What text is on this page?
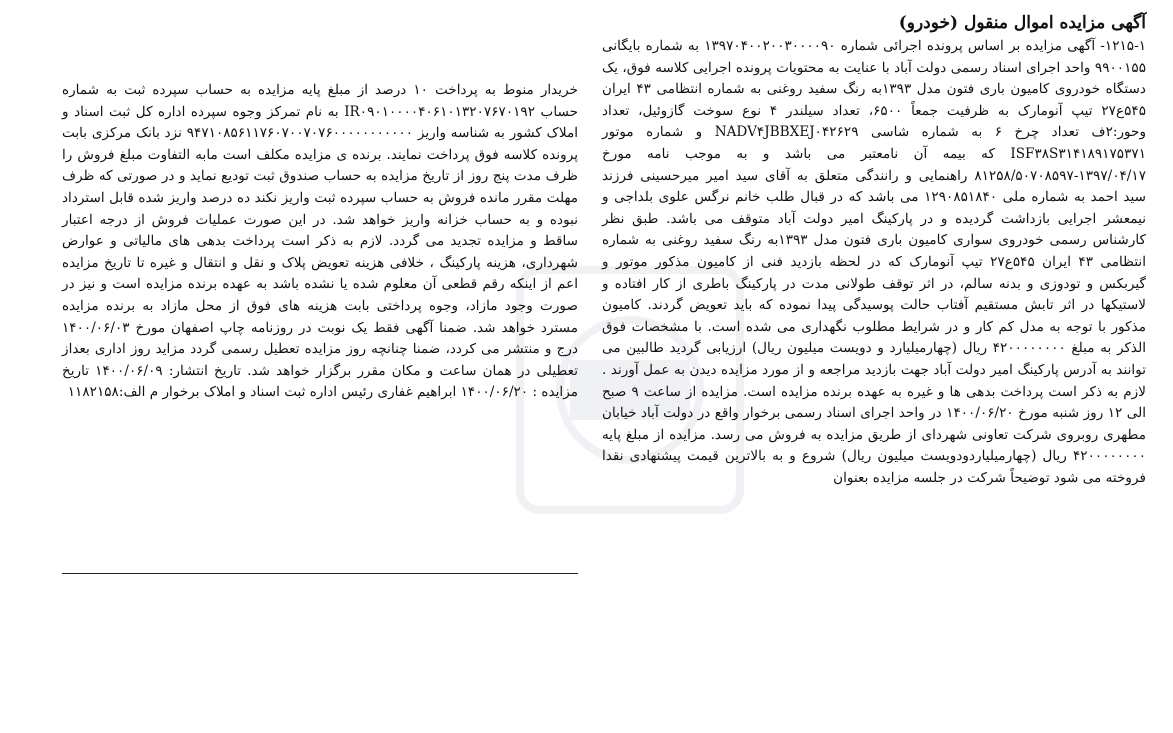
آگهی مزایده اموال منقول (خودرو)

۱۲۱۵-۱- آگهی مزایده بر اساس پرونده اجرائی شماره ۱۳۹۷۰۴۰۰۲۰۰۳۰۰۰۰۹۰ به شماره بایگانی ۹۹۰۰۱۵۵ واحد اجرای اسناد رسمی دولت آباد با عنایت به محتویات پرونده اجرایی کلاسه فوق، یک دستگاه خودروی کامیون باری فتون مدل ۱۳۹۳به رنگ سفید روغنی به شماره انتظامی ۴۳ ایران ۵۴۵ع۲۷ تیپ آنومارک به ظرفیت جمعاً ۶۵۰۰، تعداد سیلندر ۴ نوع سوخت گازوئیل، تعداد وحور:۲ف تعداد چرخ ۶ به شماره شاسی NADV۴JBBXEJ۰۴۲۶۲۹ و شماره موتور ISF۳۸S۳۱۴۱۸۹۱۷۵۳۷۱ که بیمه آن نامعتبر می باشد و به موجب نامه مورخ ۱۳۹۷/۰۴/۱۷-۸۱۲۵۸/۵۰۷۰۸۵۹۷ راهنمایی و رانندگی متعلق به آقای سید امیر میرحسینی فرزند سید احمد به شماره ملی ۱۲۹۰۸۵۱۸۴۰ می باشد که در قبال طلب خانم نرگس علوی بلداجی و نیمعشر اجرایی بازداشت گردیده و در پارکینگ امیر دولت آباد متوقف می باشد. طبق نظر کارشناس رسمی خودروی سواری کامیون باری فتون مدل ۱۳۹۳به رنگ سفید روغنی به شماره انتظامی ۴۳ ایران ۵۴۵ع۲۷ تیپ آنومارک که در لحظه بازدید فنی از کامیون مذکور موتور و گیربکس و تودوزی و بدنه سالم، در اثر توقف طولانی مدت در پارکینگ باطری از کار افتاده و لاستیکها در اثر تابش مستقیم آفتاب حالت پوسیدگی پیدا نموده که باید تعویض گردند. کامیون مذکور با توجه به مدل کم کار و در شرایط مطلوب نگهداری می شده است. با مشخصات فوق الذکر به مبلغ ۴۲۰۰۰۰۰۰۰۰ ریال (چهارمیلیارد و دویست میلیون ریال) ارزیابی گردید طالبین می توانند به آدرس پارکینگ امیر دولت آباد جهت بازدید مراجعه و از مورد مزایده دیدن به عمل آورند . لازم به ذکر است پرداخت بدهی ها و غیره به عهده برنده مزایده است. مزایده از ساعت ۹ صبح الی ۱۲ روز شنبه مورخ ۱۴۰۰/۰۶/۲۰ در واحد اجرای اسناد رسمی برخوار واقع در دولت آباد خیابان مطهری روبروی شرکت تعاونی شهردای از طریق مزایده به فروش می رسد. مزایده از مبلغ پایه ۴۲۰۰۰۰۰۰۰۰ ریال (چهارمیلیاردودویست میلیون ریال) شروع و به بالاترین قیمت پیشنهادی نقدا فروخته می شود توضیحاً شرکت در جلسه مزایده بعنوان

خریدار منوط به پرداخت ۱۰ درصد از مبلغ پایه مزایده به حساب سپرده ثبت به شماره حساب IR۰۹۰۱۰۰۰۰۴۰۶۱۰۱۳۲۰۷۶۷۰۱۹۲ به نام تمرکز وجوه سپرده اداره کل ثبت اسناد و املاک کشور به شناسه واریز ۹۴۷۱۰۸۵۶۱۱۷۶۰۷۰۰۷۰۷۶۰۰۰۰۰۰۰۰۰۰۰ نزد بانک مرکزی بابت پرونده کلاسه فوق پرداخت نمایند. برنده ی مزایده مکلف است مابه التفاوت مبلغ فروش را ظرف مدت پنج روز از تاریخ مزایده به حساب صندوق ثبت تودیع نماید و در صورتی که ظرف مهلت مقرر مانده فروش به حساب سپرده ثبت واریز نکند ده درصد واریز شده قابل استرداد نبوده و به حساب خزانه واریز خواهد شد. در این صورت عملیات فروش از درجه اعتبار ساقط و مزایده تجدید می گردد. لازم به ذکر است پرداخت بدهی های مالیاتی و عوارض شهرداری، هزینه پارکینگ ، خلافی هزینه تعویض پلاک و نقل و انتقال و غیره تا تاریخ مزایده اعم از اینکه رقم قطعی آن معلوم شده یا نشده باشد به عهده برنده مزایده است و نیز در صورت وجود مازاد، وجوه پرداختی بابت هزینه های فوق از محل مازاد به برنده مزایده مسترد خواهد شد. ضمنا آگهی فقط یک نوبت در روزنامه چاپ اصفهان مورخ ۱۴۰۰/۰۶/۰۳ درج و منتشر می کردد، ضمنا چنانچه روز مزایده تعطیل رسمی گردد مزاید روز اداری بعداز تعطیلی در همان ساعت و مکان مقرر برگزار خواهد شد. تاریخ انتشار: ۱۴۰۰/۰۶/۰۹ تاریخ مزایده : ۱۴۰۰/۰۶/۲۰ ابراهیم غفاری رئیس اداره ثبت اسناد و املاک برخوار م الف:۱۱۸۲۱۵۸
